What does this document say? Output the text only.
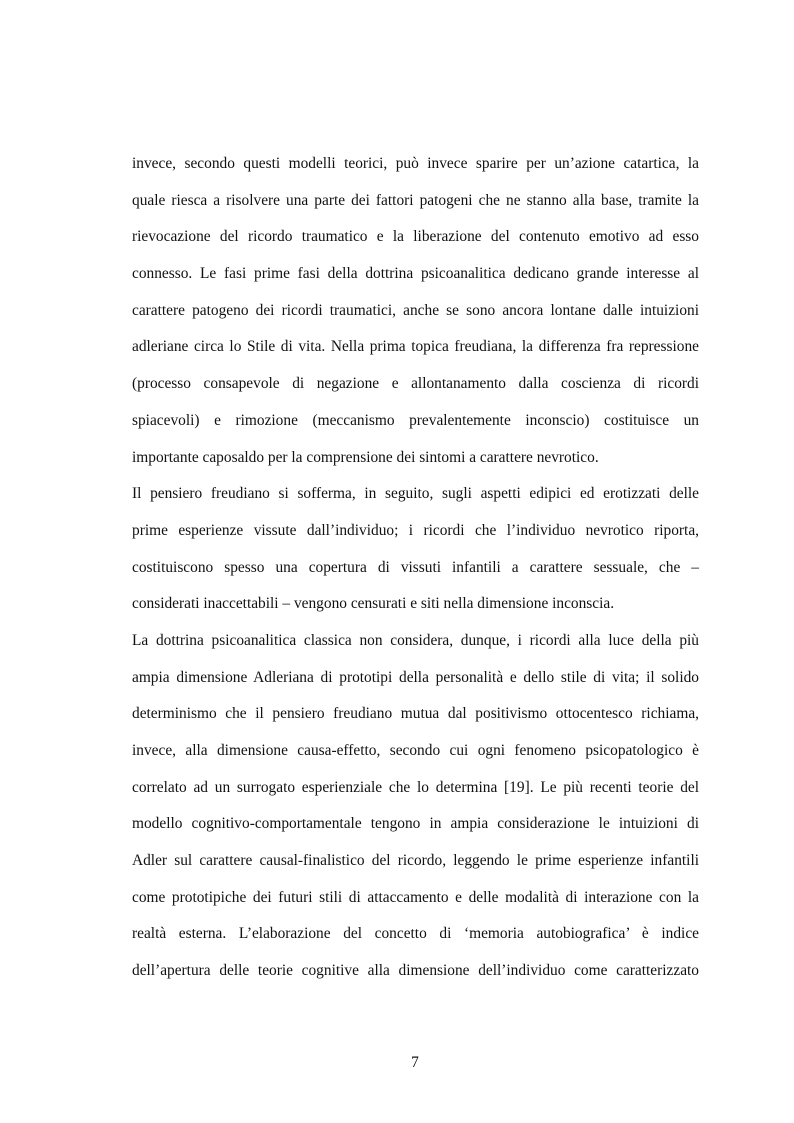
invece, secondo questi modelli teorici, può invece sparire per un’azione catartica, la
quale riesca a risolvere una parte dei fattori patogeni che ne stanno alla base, tramite la
rievocazione del ricordo traumatico e la liberazione del contenuto emotivo ad esso
connesso. Le fasi prime fasi della dottrina psicoanalitica dedicano grande interesse al
carattere patogeno dei ricordi traumatici, anche se sono ancora lontane dalle intuizioni
adleriane circa lo Stile di vita. Nella prima topica freudiana, la differenza fra repressione
(processo consapevole di negazione e allontanamento dalla coscienza di ricordi
spiacevoli) e rimozione (meccanismo prevalentemente inconscio) costituisce un
importante caposaldo per la comprensione dei sintomi a carattere nevrotico.
Il pensiero freudiano si sofferma, in seguito, sugli aspetti edipici ed erotizzati delle
prime esperienze vissute dall’individuo; i ricordi che l’individuo nevrotico riporta,
costituiscono spesso una copertura di vissuti infantili a carattere sessuale, che –
considerati inaccettabili – vengono censurati e siti nella dimensione inconscia.
La dottrina psicoanalitica classica non considera, dunque, i ricordi alla luce della più
ampia dimensione Adleriana di prototipi della personalità e dello stile di vita; il solido
determinismo che il pensiero freudiano mutua dal positivismo ottocentesco richiama,
invece, alla dimensione causa-effetto, secondo cui ogni fenomeno psicopatologico è
correlato ad un surrogato esperienziale che lo determina [19]. Le più recenti teorie del
modello cognitivo-comportamentale tengono in ampia considerazione le intuizioni di
Adler sul carattere causal-finalistico del ricordo, leggendo le prime esperienze infantili
come prototipiche dei futuri stili di attaccamento e delle modalità di interazione con la
realtà esterna. L’elaborazione del concetto di ‘memoria autobiografica’ è indice
dell’apertura delle teorie cognitive alla dimensione dell’individuo come caratterizzato
7
